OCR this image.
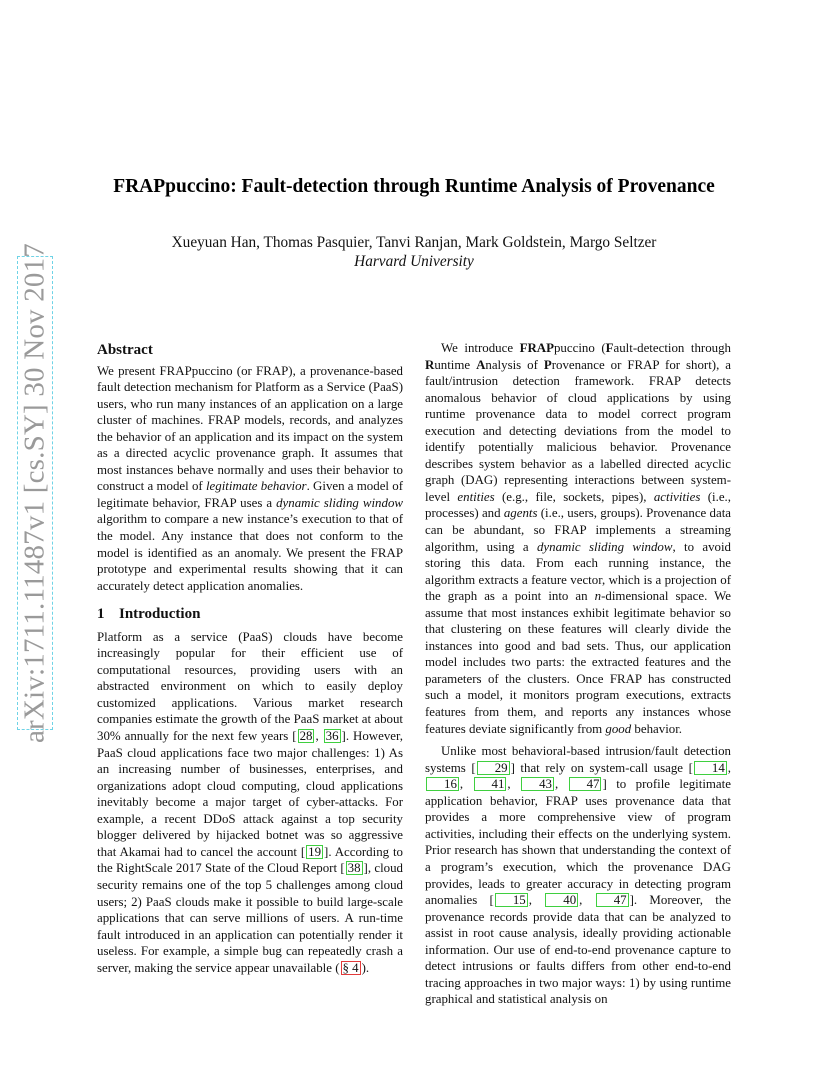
arXiv:1711.11487v1 [cs.SY] 30 Nov 2017
FRAPpuccino: Fault-detection through Runtime Analysis of Provenance
Xueyuan Han, Thomas Pasquier, Tanvi Ranjan, Mark Goldstein, Margo Seltzer
Harvard University
Abstract

We present FRAPpuccino (or FRAP), a provenance-based fault detection mechanism for Platform as a Service (PaaS) users, who run many instances of an application on a large cluster of machines. FRAP models, records, and analyzes the behavior of an application and its impact on the system as a directed acyclic provenance graph. It assumes that most instances behave normally and uses their behavior to construct a model of legitimate behavior. Given a model of legitimate behavior, FRAP uses a dynamic sliding window algorithm to compare a new instance’s execution to that of the model. Any instance that does not conform to the model is identified as an anomaly. We present the FRAP prototype and experimental results showing that it can accurately detect application anomalies.

1 Introduction

Platform as a service (PaaS) clouds have become increasingly popular for their efficient use of computational resources, providing users with an abstracted environment on which to easily deploy customized applications. Various market research companies estimate the growth of the PaaS market at about 30% annually for the next few years [ 28 , 36 ]. However, PaaS cloud applications face two major challenges: 1) As an increasing number of businesses, enterprises, and organizations adopt cloud computing, cloud applications inevitably become a major target of cyber-attacks. For example, a recent DDoS attack against a top security blogger delivered by hijacked botnet was so aggressive that Akamai had to cancel the account [ 19 ]. According to the RightScale 2017 State of the Cloud Report [ 38 ], cloud security remains one of the top 5 challenges among cloud users; 2) PaaS clouds make it possible to build large-scale applications that can serve millions of users. A run-time fault introduced in an application can potentially render it useless. For example, a simple bug can repeatedly crash a server, making the service appear unavailable ( § 4 ).

We introduce FRAPpuccino (Fault-detection through Runtime Analysis of Provenance or FRAP for short), a fault/intrusion detection framework. FRAP detects anomalous behavior of cloud applications by using runtime provenance data to model correct program execution and detecting deviations from the model to identify potentially malicious behavior. Provenance describes system behavior as a labelled directed acyclic graph (DAG) representing interactions between system-level entities (e.g., file, sockets, pipes), activities (i.e., processes) and agents (i.e., users, groups). Provenance data can be abundant, so FRAP implements a streaming algorithm, using a dynamic sliding window, to avoid storing this data. From each running instance, the algorithm extracts a feature vector, which is a projection of the graph as a point into an n-dimensional space. We assume that most instances exhibit legitimate behavior so that clustering on these features will clearly divide the instances into good and bad sets. Thus, our application model includes two parts: the extracted features and the parameters of the clusters. Once FRAP has constructed such a model, it monitors program executions, extracts features from them, and reports any instances whose features deviate significantly from good behavior.

Unlike most behavioral-based intrusion/fault detection systems [ 29 ] that rely on system-call usage [ 14 , 16 , 41 , 43 , 47 ] to profile legitimate application behavior, FRAP uses provenance data that provides a more comprehensive view of program activities, including their effects on the underlying system. Prior research has shown that understanding the context of a program’s execution, which the provenance DAG provides, leads to greater accuracy in detecting program anomalies [ 15 , 40 , 47 ]. Moreover, the provenance records provide data that can be analyzed to assist in root cause analysis, ideally providing actionable information. Our use of end-to-end provenance capture to detect intrusions or faults differs from other end-to-end tracing approaches in two major ways: 1) by using runtime graphical and statistical analysis on
